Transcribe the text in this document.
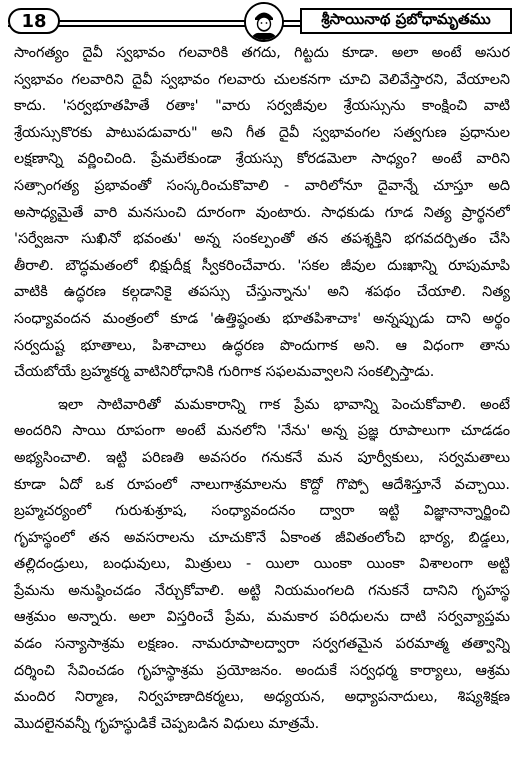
18	శ్రీసాయినాథ ప్రబోధామృతము
సాంగత్యం దైవీ స్వభావం గలవారికి తగదు, గిట్టదు కూడా. అలా అంటే అసుర
స్వభావం గలవారిని దైవీ స్వభావం గలవారు చులకనగా చూచి వెలివేస్తారని, వేయాలని
కాదు. 'సర్వభూతహితే రతాః' "వారు సర్వజీవుల శ్రేయస్సును కాంక్షించి వాటి
శ్రేయస్సుకొరకు పాటుపడువారు" అని గీత దైవీ స్వభావంగల సత్వగుణ ప్రధానుల
లక్షణాన్ని వర్ణించింది. ప్రేమలేకుండా శ్రేయస్సు కోరడమెలా సాధ్యం? అంటే వారిని
సత్సాంగత్య ప్రభావంతో సంస్కరించుకొవాలి - వారిలోనూ దైవాన్నే చూస్తూ అది
అసాధ్యమైతే వారి మనసుంచి దూరంగా వుంటారు. సాధకుడు గూడ నిత్య ప్రార్థనలో
'సర్వేజనా సుఖినో భవంతు' అన్న సంకల్పంతో తన తపశ్శక్తిని భగవదర్పితం చేసి
తీరాలి. బౌద్ధమతంలో భిక్షుదీక్ష స్వీకరించేవారు. 'సకల జీవుల దుఃఖాన్ని రూపుమాపి
వాటికి ఉద్ధరణ కల్గడానికై తపస్సు చేస్తున్నాను' అని శపథం చేయాలి. నిత్య
సంధ్యావందన మంత్రంలో కూడ 'ఉత్తిష్ఠంతు భూతపిశాచాః' అన్నప్పుడు దాని అర్థం
సర్వదుష్ట భూతాలు, పిశాచాలు ఉద్ధరణ పొందుగాక అని. ఆ విధంగా తాను
చేయబోయే బ్రహ్మకర్మ వాటినిరోధానికి గురిగాక సఫలమవ్వాలని సంకల్పిస్తాడు.
ఇలా సాటివారితో మమకారాన్ని గాక ప్రేమ భావాన్ని పెంచుకోవాలి. అంటే
అందరిని సాయి రూపంగా అంటే మనలోని 'నేను' అన్న ప్రజ్ఞ రూపాలుగా చూడడం
అభ్యసించాలి. ఇట్టి పరిణతి అవసరం గనుకనే మన పూర్వీకులు, సర్వమతాలు
కూడా ఏదో ఒక రూపంలో నాలుగాశ్రమాలను కొద్దో గొప్పో ఆదేశిస్తూనే వచ్చాయి.
బ్రహ్మచర్యంలో గురుశుశ్రూష, సంధ్యావందనం ద్వారా ఇట్టి విజ్ఞానాన్నార్జించి
గృహస్థంలో తన అవసరాలను చూచుకొనే ఏకాంత జీవితంలోంచి భార్య, బిడ్డలు,
తల్లిదండ్రులు, బంధువులు, మిత్రులు - యిలా యింకా యింకా విశాలంగా అట్టి
ప్రేమను అనుష్ఠించడం నేర్చుకోవాలి. అట్టి నియమంగలది గనుకనే దానిని గృహస్థ
ఆశ్రమం అన్నారు. అలా విస్తరించే ప్రేమ, మమకార పరిధులను దాటి సర్వవ్యాప్తమ
వడం సన్యాసాశ్రమ లక్షణం. నామరూపాలద్వారా సర్వగతమైన పరమాత్మ తత్వాన్ని
దర్శించి సేవించడం గృహస్థాశ్రమ ప్రయోజనం. అందుకే సర్వధర్మ కార్యాలు, ఆశ్రమ
మందిర నిర్మాణ, నిర్వహణాదికర్మలు, అధ్యయన, అధ్యాపనాదులు, శిష్యశిక్షణ
మొదలైనవన్నీ గృహస్థుడికే చెప్పబడిన విధులు మాత్రమే.
